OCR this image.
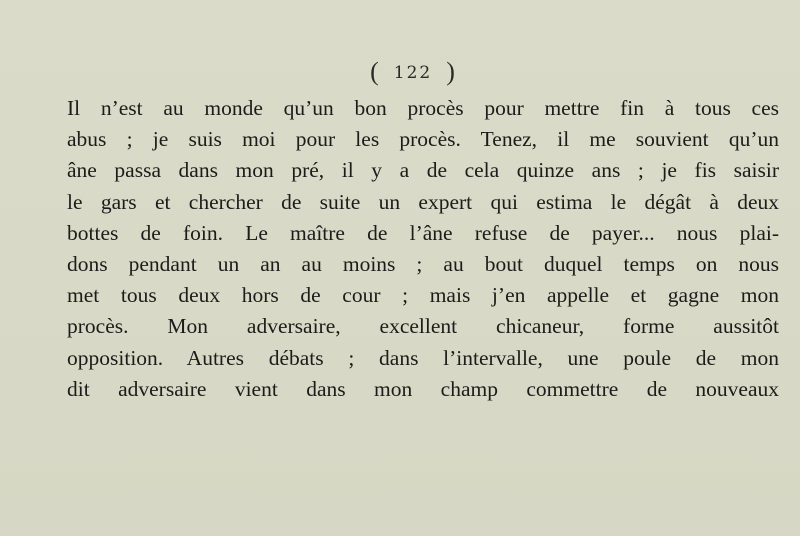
( 122 )
Il n’est au monde qu’un bon procès pour mettre fin à tous ces
abus ; je suis moi pour les procès. Tenez, il me souvient qu’un
âne passa dans mon pré, il y a de cela quinze ans ; je fis saisir
le gars et chercher de suite un expert qui estima le dégât à deux
bottes de foin. Le maître de l’âne refuse de payer... nous plai-
dons pendant un an au moins ; au bout duquel temps on nous
met tous deux hors de cour ; mais j’en appelle et gagne mon
procès. Mon adversaire, excellent chicaneur, forme aussitôt
opposition. Autres débats ; dans l’intervalle, une poule de mon
dit adversaire vient dans mon champ commettre de nouveaux
